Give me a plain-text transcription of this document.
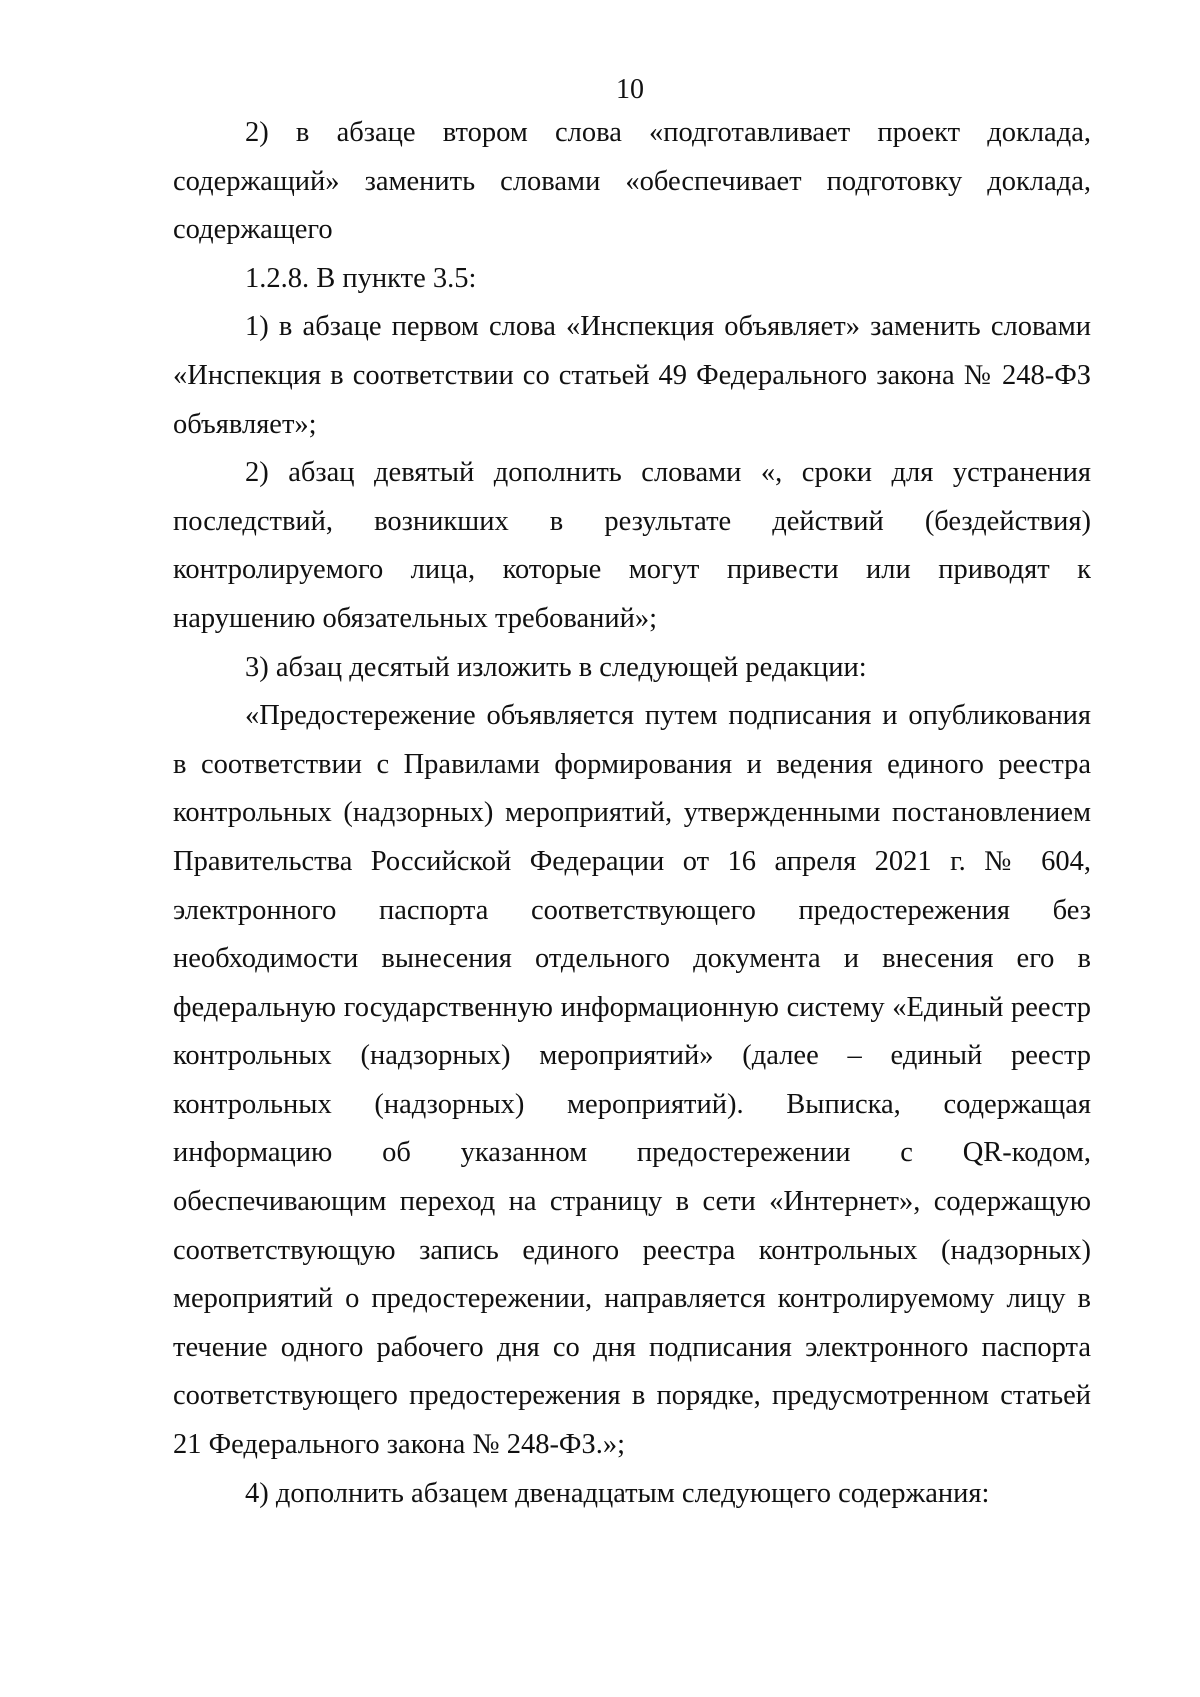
10

2) в абзаце втором слова «подготавливает проект доклада, содержащий» заменить словами «обеспечивает подготовку доклада, содержащего

1.2.8. В пункте 3.5:

1) в абзаце первом слова «Инспекция объявляет» заменить словами «Инспекция в соответствии со статьей 49 Федерального закона № 248-ФЗ объявляет»;

2) абзац девятый дополнить словами «, сроки для устранения последствий, возникших в результате действий (бездействия) контролируемого лица, которые могут привести или приводят к нарушению обязательных требований»;

3) абзац десятый изложить в следующей редакции:

«Предостережение объявляется путем подписания и опубликования в соответствии с Правилами формирования и ведения единого реестра контрольных (надзорных) мероприятий, утвержденными постановлением Правительства Российской Федерации от 16 апреля 2021 г. № 604, электронного паспорта соответствующего предостережения без необходимости вынесения отдельного документа и внесения его в федеральную государственную информационную систему «Единый реестр контрольных (надзорных) мероприятий» (далее – единый реестр контрольных (надзорных) мероприятий). Выписка, содержащая информацию об указанном предостережении с QR-кодом, обеспечивающим переход на страницу в сети «Интернет», содержащую соответствующую запись единого реестра контрольных (надзорных) мероприятий о предостережении, направляется контролируемому лицу в течение одного рабочего дня со дня подписания электронного паспорта соответствующего предостережения в порядке, предусмотренном статьей 21 Федерального закона № 248-ФЗ.»;

4) дополнить абзацем двенадцатым следующего содержания:
